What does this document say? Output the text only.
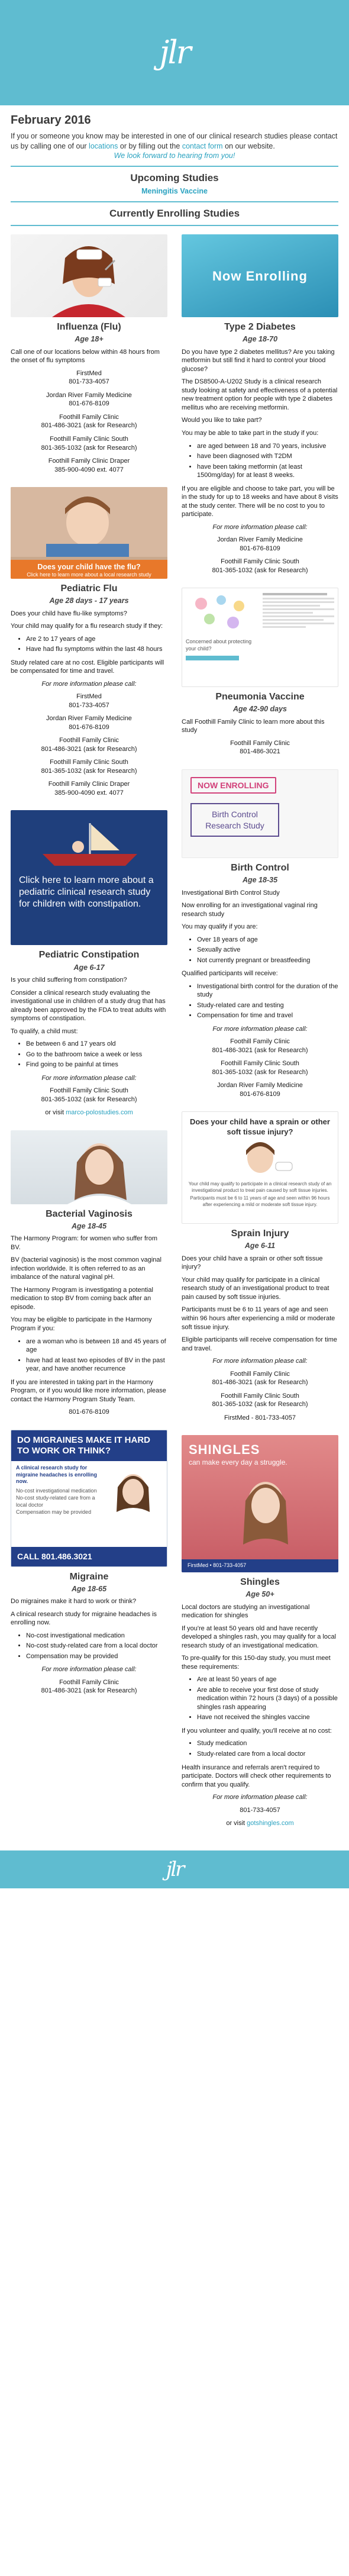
jlr
February 2016

If you or someone you know may be interested in one of our clinical research studies please contact us by calling one of our locations or by filling out the contact form on our website.

We look forward to hearing from you!

Upcoming Studies
Meningitis Vaccine
Currently Enrolling Studies
Influenza (Flu)
Age 18+

Call one of our locations below within 48 hours from the onset of flu symptoms

FirstMed
801-733-4057
Jordan River Family Medicine
801-676-8109
Foothill Family Clinic
801-486-3021 (ask for Research)
Foothill Family Clinic South
801-365-1032 (ask for Research)
Foothill Family Clinic Draper
385-900-4090 ext. 4077
Does your child have the flu?
Click here to learn more about a local research study
Pediatric Flu
Age 28 days - 17 years

Does your child have flu-like symptoms?

Your child may qualify for a flu research study if they:

• Are 2 to 17 years of age
• Have had flu symptoms within the last 48 hours

Study related care at no cost. Eligible participants will be compensated for time and travel.

For more information please call:

FirstMed
801-733-4057
Jordan River Family Medicine
801-676-8109
Foothill Family Clinic
801-486-3021 (ask for Research)
Foothill Family Clinic South
801-365-1032 (ask for Research)
Foothill Family Clinic Draper
385-900-4090 ext. 4077
Click here to learn more about a pediatric clinical research study for children with constipation.
Pediatric Constipation
Age 6-17

Is your child suffering from constipation?

Consider a clinical research study evaluating the investigational use in children of a study drug that has already been approved by the FDA to treat adults with symptoms of constipation.

To qualify, a child must:

• Be between 6 and 17 years old
• Go to the bathroom twice a week or less
• Find going to be painful at times

For more information please call:

Foothill Family Clinic South
801-365-1032 (ask for Research)
or visit marco-polostudies.com
Bacterial Vaginosis
Age 18-45

The Harmony Program: for women who suffer from BV.

BV (bacterial vaginosis) is the most common vaginal infection worldwide. It is often referred to as an imbalance of the natural vaginal pH.

The Harmony Program is investigating a potential medication to stop BV from coming back after an episode.

You may be eligible to participate in the Harmony Program if you:

• are a woman who is between 18 and 45 years of age
• have had at least two episodes of BV in the past year, and have another recurrence

If you are interested in taking part in the Harmony Program, or if you would like more information, please contact the Harmony Program Study Team.

801-676-8109
DO MIGRAINES MAKE IT HARD TO WORK OR THINK?
A clinical research study for migraine headaches is enrolling now.
No-cost investigational medication
No-cost study-related care from a local doctor
Compensation may be provided
CALL 801.486.3021
Migraine
Age 18-65

Do migraines make it hard to work or think?

A clinical research study for migraine headaches is enrolling now.

• No-cost investigational medication
• No-cost study-related care from a local doctor
• Compensation may be provided

For more information please call:

Foothill Family Clinic
801-486-3021 (ask for Research)
Now Enrolling
Type 2 Diabetes
Age 18-70

Do you have type 2 diabetes mellitus? Are you taking metformin but still find it hard to control your blood glucose?

The DS8500-A-U202 Study is a clinical research study looking at safety and effectiveness of a potential new treatment option for people with type 2 diabetes mellitus who are receiving metformin.

Would you like to take part?

You may be able to take part in the study if you:

• are aged between 18 and 70 years, inclusive
• have been diagnosed with T2DM
• have been taking metformin (at least 1500mg/day) for at least 8 weeks.

If you are eligible and choose to take part, you will be in the study for up to 18 weeks and have about 8 visits at the study center. There will be no cost to you to participate.

For more information please call:

Jordan River Family Medicine
801-676-8109
Foothill Family Clinic South
801-365-1032 (ask for Research)
Concerned about protecting your child?
Pneumonia Vaccine
Age 42-90 days

Call Foothill Family Clinic to learn more about this study

Foothill Family Clinic
801-486-3021
NOW ENROLLING
Birth Control Research Study
Birth Control
Age 18-35

Investigational Birth Control Study

Now enrolling for an investigational vaginal ring research study

You may qualify if you are:

• Over 18 years of age
• Sexually active
• Not currently pregnant or breastfeeding

Qualified participants will receive:

• Investigational birth control for the duration of the study
• Study-related care and testing
• Compensation for time and travel

For more information please call:

Foothill Family Clinic
801-486-3021 (ask for Research)
Foothill Family Clinic South
801-365-1032 (ask for Research)
Jordan River Family Medicine
801-676-8109
Does your child have a sprain or other soft tissue injury?
Your child may qualify to participate in a clinical research study of an investigational product to treat pain caused by soft tissue injuries.
Participants must be 6 to 11 years of age and seen within 96 hours after experiencing a mild or moderate soft tissue injury.
Sprain Injury
Age 6-11

Does your child have a sprain or other soft tissue injury?

Your child may qualify for participate in a clinical research study of an investigational product to treat pain caused by soft tissue injuries.

Participants must be 6 to 11 years of age and seen within 96 hours after experiencing a mild or moderate soft tissue injury.

Eligible participants will receive compensation for time and travel.

For more information please call:

Foothill Family Clinic
801-486-3021 (ask for Research)
Foothill Family Clinic South
801-365-1032 (ask for Research)
FirstMed - 801-733-4057
SHINGLES
can make every day a struggle.
FirstMed • 801-733-4057
Shingles
Age 50+

Local doctors are studying an investigational medication for shingles

If you're at least 50 years old and have recently developed a shingles rash, you may qualify for a local research study of an investigational medication.

To pre-qualify for this 150-day study, you must meet these requirements:

• Are at least 50 years of age
• Are able to receive your first dose of study medication within 72 hours (3 days) of a possible shingles rash appearing
• Have not received the shingles vaccine

If you volunteer and qualify, you'll receive at no cost:

• Study medication
• Study-related care from a local doctor

Health insurance and referrals aren't required to participate. Doctors will check other requirements to confirm that you qualify.

For more information please call:

801-733-4057
or visit gotshingles.com
jlr
